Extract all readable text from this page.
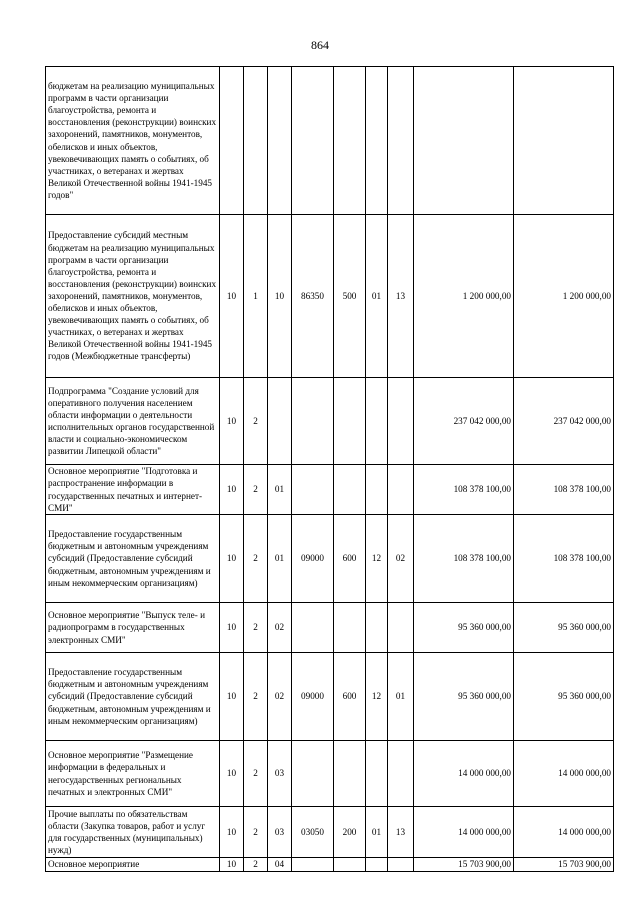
864
бюджетам на реализацию муниципальных программ в части организации благоустройства, ремонта и восстановления (реконструкции) воинских захоронений, памятников, монументов, обелисков и иных объектов, увековечивающих память о событиях, об участниках, о ветеранах и жертвах Великой Отечественной войны 1941-1945 годов"									
Предоставление субсидий местным бюджетам на реализацию муниципальных программ в части организации благоустройства, ремонта и восстановления (реконструкции) воинских захоронений, памятников, монументов, обелисков и иных объектов, увековечивающих память о событиях, об участниках, о ветеранах и жертвах Великой Отечественной войны 1941-1945 годов (Межбюджетные трансферты)	10	1	10	86350	500	01	13	1 200 000,00	1 200 000,00
Подпрограмма "Создание условий для оперативного получения населением области информации о деятельности исполнительных органов государственной власти и социально-экономическом развитии Липецкой области"	10	2						237 042 000,00	237 042 000,00
Основное мероприятие "Подготовка и распространение информации в государственных печатных и интернет-СМИ"	10	2	01					108 378 100,00	108 378 100,00
Предоставление государственным бюджетным и автономным учреждениям субсидий (Предоставление субсидий бюджетным, автономным учреждениям и иным некоммерческим организациям)	10	2	01	09000	600	12	02	108 378 100,00	108 378 100,00
Основное мероприятие "Выпуск теле- и радиопрограмм в государственных электронных СМИ"	10	2	02					95 360 000,00	95 360 000,00
Предоставление государственным бюджетным и автономным учреждениям субсидий (Предоставление субсидий бюджетным, автономным учреждениям и иным некоммерческим организациям)	10	2	02	09000	600	12	01	95 360 000,00	95 360 000,00
Основное мероприятие "Размещение информации в федеральных и негосударственных региональных печатных и электронных СМИ"	10	2	03					14 000 000,00	14 000 000,00
Прочие выплаты по обязательствам области (Закупка товаров, работ и услуг для государственных (муниципальных) нужд)	10	2	03	03050	200	01	13	14 000 000,00	14 000 000,00
Основное мероприятие	10	2	04					15 703 900,00	15 703 900,00
